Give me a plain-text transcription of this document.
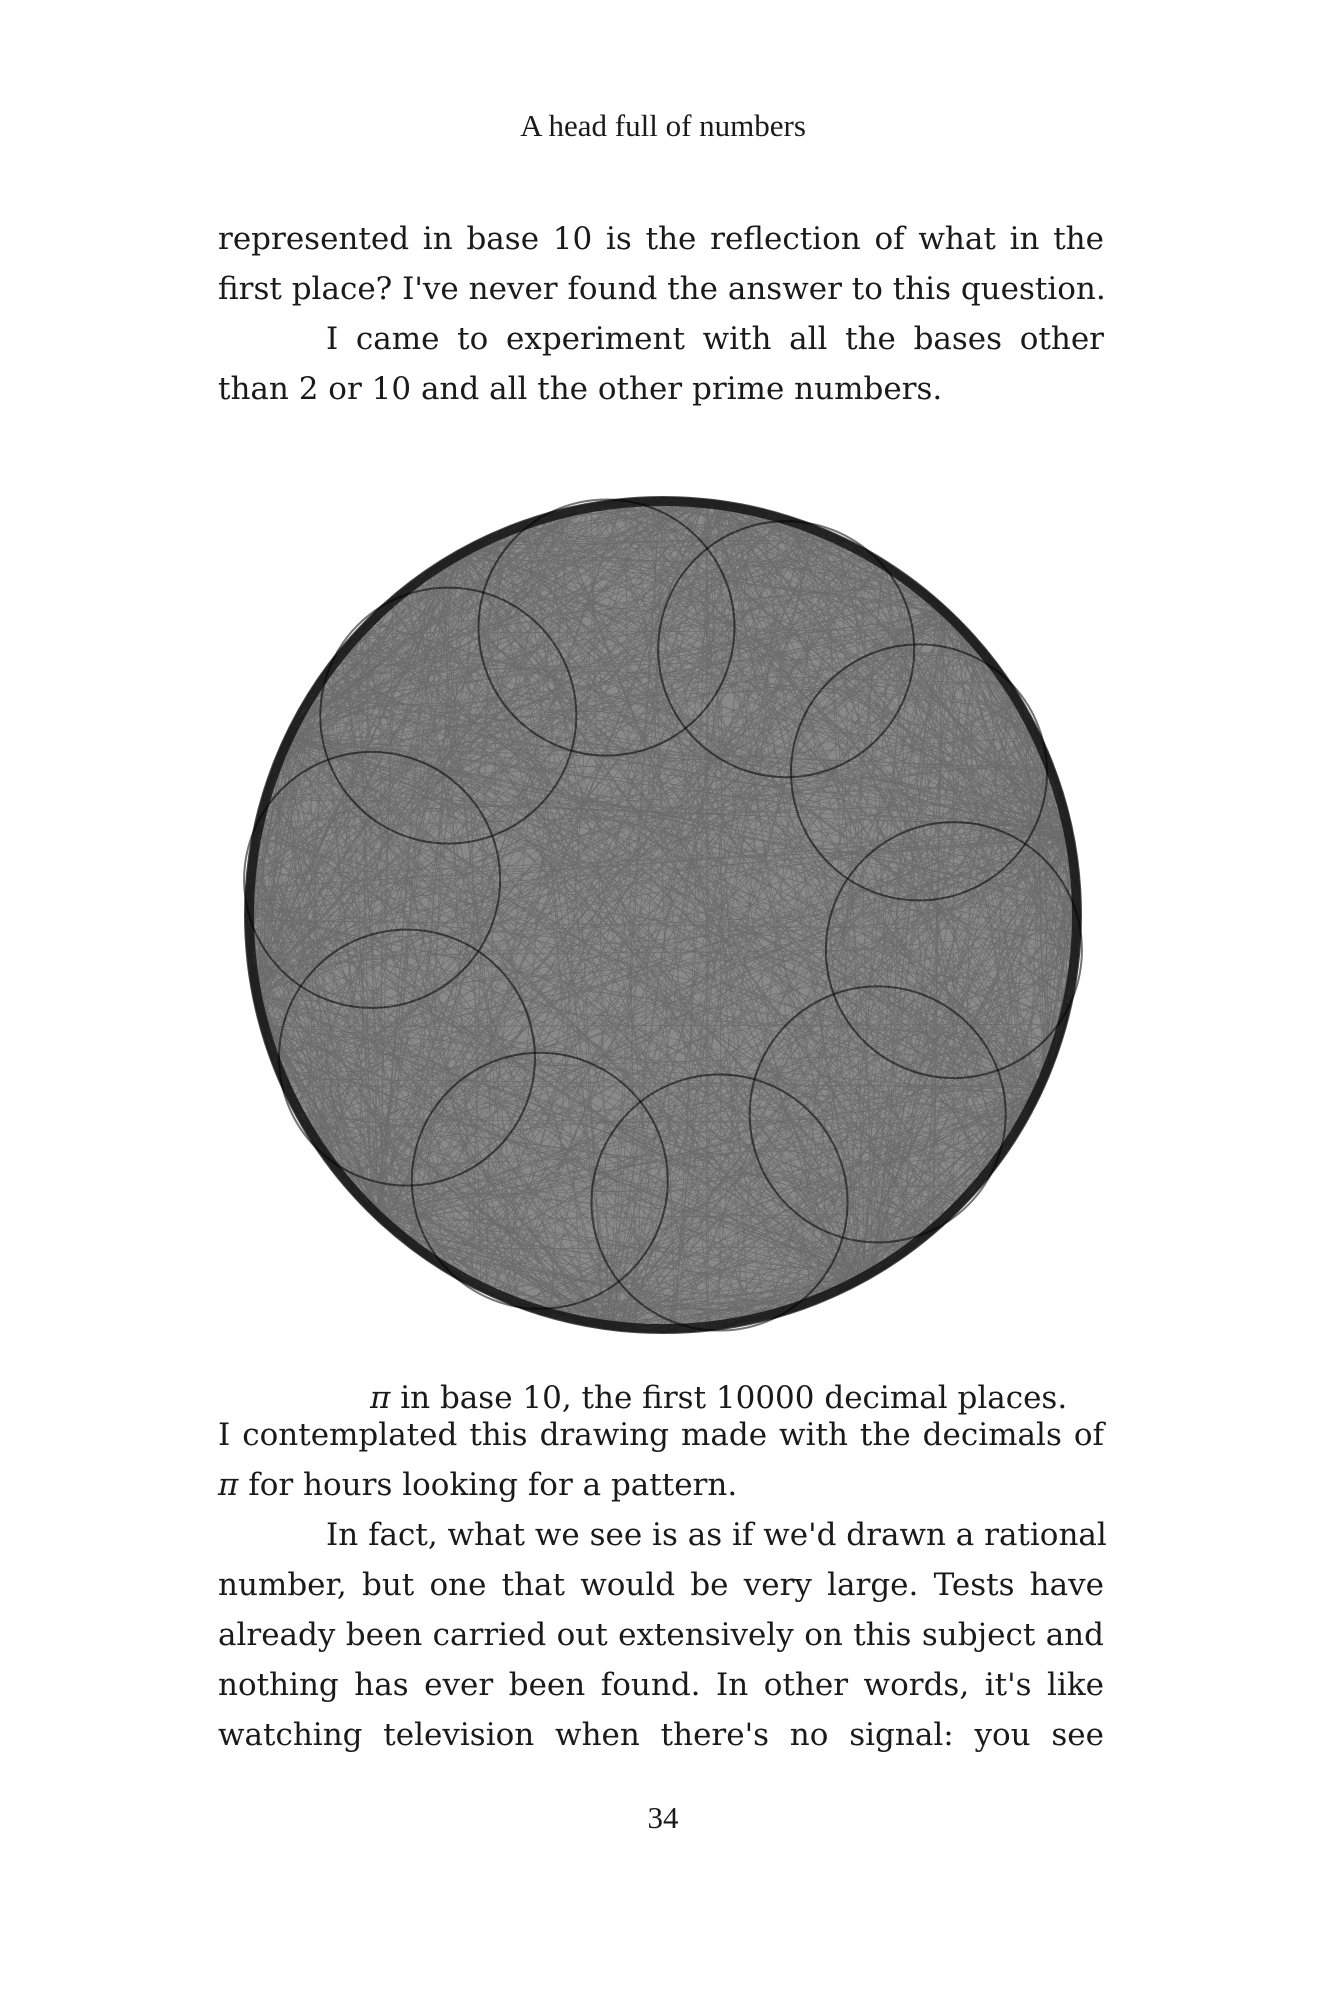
A head full of numbers
represented in base 10 is the reflection of what in the
first place? I've never found the answer to this question.
I came to experiment with all the bases other
than 2 or 10 and all the other prime numbers.
π in base 10, the first 10000 decimal places.
I contemplated this drawing made with the decimals of
π for hours looking for a pattern.
In fact, what we see is as if we'd drawn a rational
number, but one that would be very large. Tests have
already been carried out extensively on this subject and
nothing has ever been found. In other words, it's like
watching television when there's no signal: you see
34
